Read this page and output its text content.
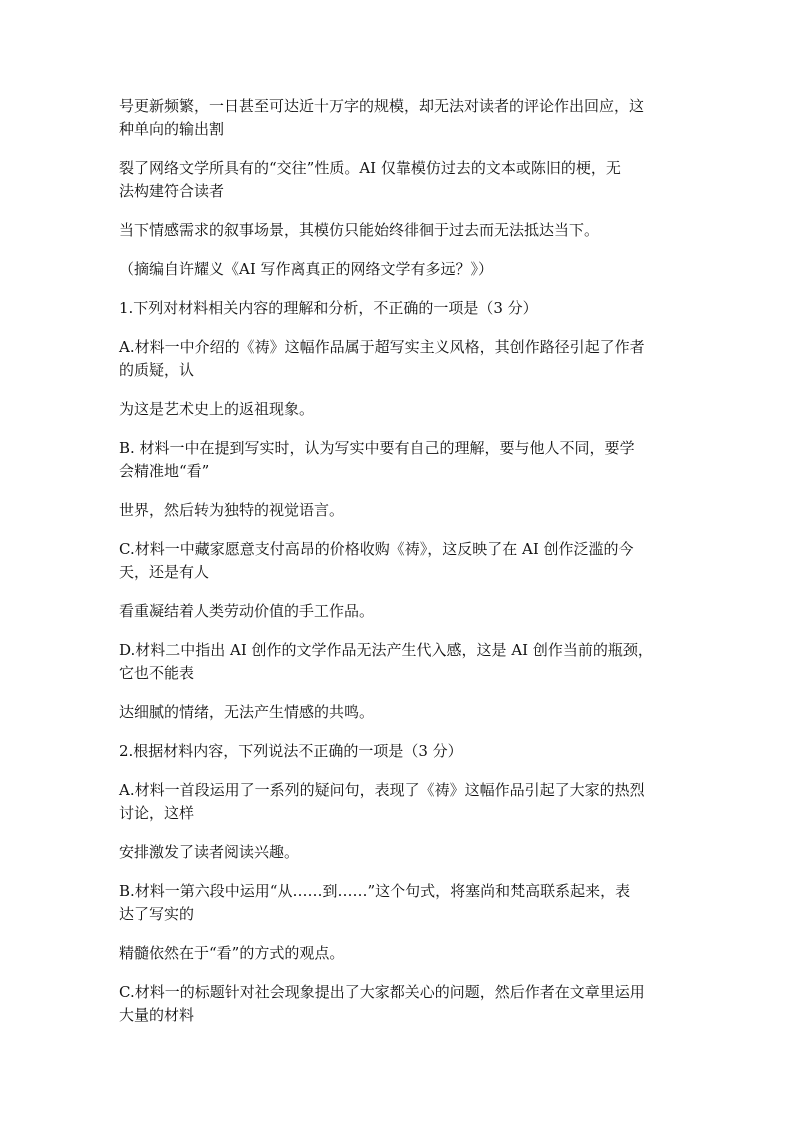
号更新频繁，一日甚至可达近十万字的规模，却无法对读者的评论作出回应，这
种单向的输出割

裂了网络文学所具有的“交往”性质。AI 仅靠模仿过去的文本或陈旧的梗，无
法构建符合读者

当下情感需求的叙事场景，其模仿只能始终徘徊于过去而无法抵达当下。

（摘编自许耀义《AI 写作离真正的网络文学有多远？》）

1.下列对材料相关内容的理解和分析，不正确的一项是（3 分）

A.材料一中介绍的《祷》这幅作品属于超写实主义风格，其创作路径引起了作者
的质疑，认

为这是艺术史上的返祖现象。

B. 材料一中在提到写实时，认为写实中要有自己的理解，要与他人不同，要学
会精准地“看”

世界，然后转为独特的视觉语言。

C.材料一中藏家愿意支付高昂的价格收购《祷》，这反映了在 AI 创作泛滥的今
天，还是有人

看重凝结着人类劳动价值的手工作品。

D.材料二中指出 AI 创作的文学作品无法产生代入感，这是 AI 创作当前的瓶颈，
它也不能表

达细腻的情绪，无法产生情感的共鸣。

2.根据材料内容，下列说法不正确的一项是（3 分）

A.材料一首段运用了一系列的疑问句，表现了《祷》这幅作品引起了大家的热烈
讨论，这样

安排激发了读者阅读兴趣。

B.材料一第六段中运用“从……到……”这个句式，将塞尚和梵高联系起来，表
达了写实的

精髓依然在于“看”的方式的观点。

C.材料一的标题针对社会现象提出了大家都关心的问题，然后作者在文章里运用
大量的材料
